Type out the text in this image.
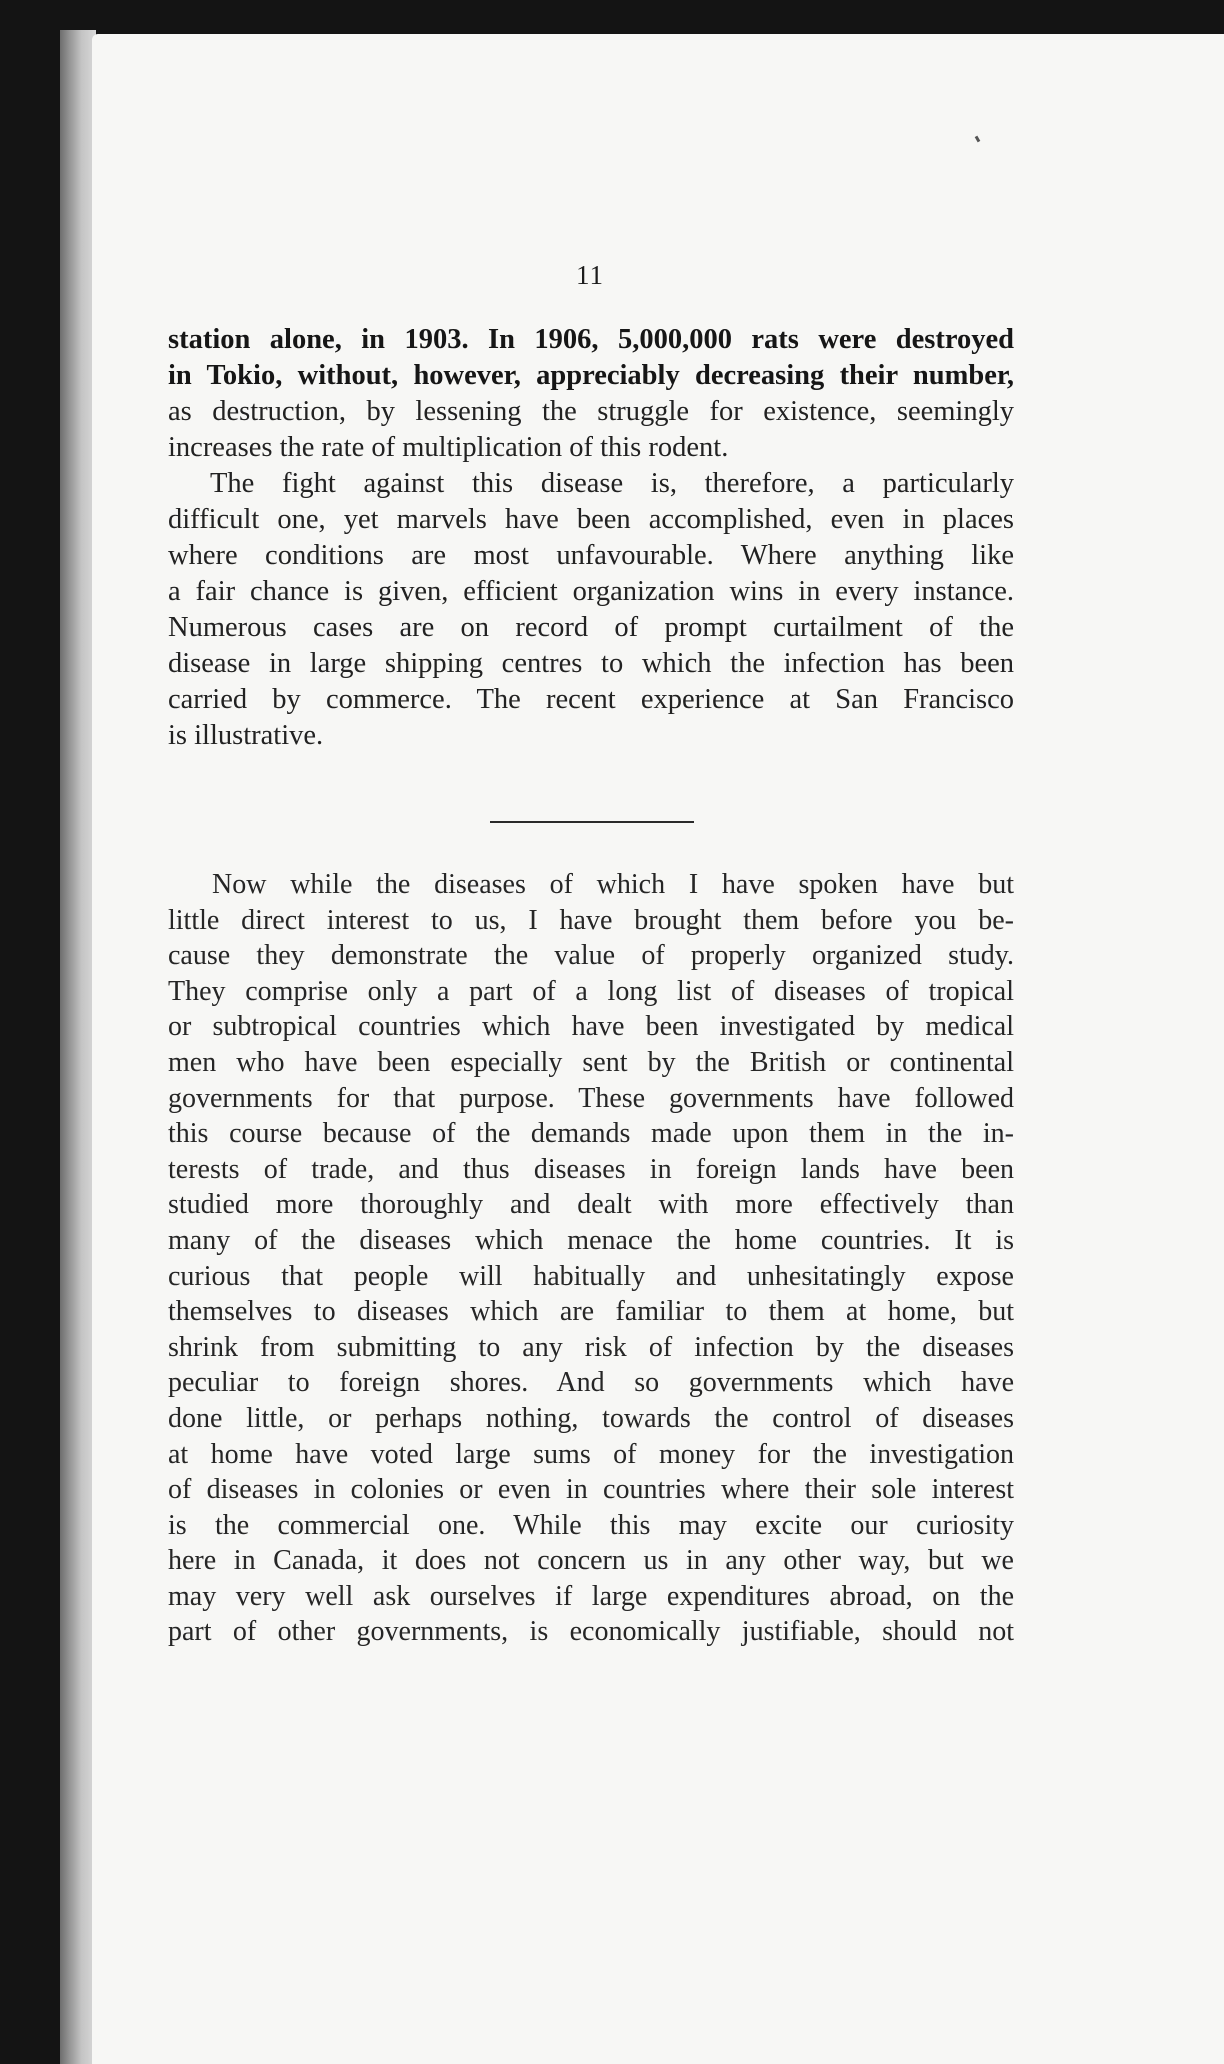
11
station alone, in 1903. In 1906, 5,000,000 rats were destroyed
in Tokio, without, however, appreciably decreasing their number,
as destruction, by lessening the struggle for existence, seemingly
increases the rate of multiplication of this rodent.
The fight against this disease is, therefore, a particularly
difficult one, yet marvels have been accomplished, even in places
where conditions are most unfavourable. Where anything like
a fair chance is given, efficient organization wins in every instance.
Numerous cases are on record of prompt curtailment of the
disease in large shipping centres to which the infection has been
carried by commerce. The recent experience at San Francisco
is illustrative.
Now while the diseases of which I have spoken have but
little direct interest to us, I have brought them before you be-
cause they demonstrate the value of properly organized study.
They comprise only a part of a long list of diseases of tropical
or subtropical countries which have been investigated by medical
men who have been especially sent by the British or continental
governments for that purpose. These governments have followed
this course because of the demands made upon them in the in-
terests of trade, and thus diseases in foreign lands have been
studied more thoroughly and dealt with more effectively than
many of the diseases which menace the home countries. It is
curious that people will habitually and unhesitatingly expose
themselves to diseases which are familiar to them at home, but
shrink from submitting to any risk of infection by the diseases
peculiar to foreign shores. And so governments which have
done little, or perhaps nothing, towards the control of diseases
at home have voted large sums of money for the investigation
of diseases in colonies or even in countries where their sole interest
is the commercial one. While this may excite our curiosity
here in Canada, it does not concern us in any other way, but we
may very well ask ourselves if large expenditures abroad, on the
part of other governments, is economically justifiable, should not
